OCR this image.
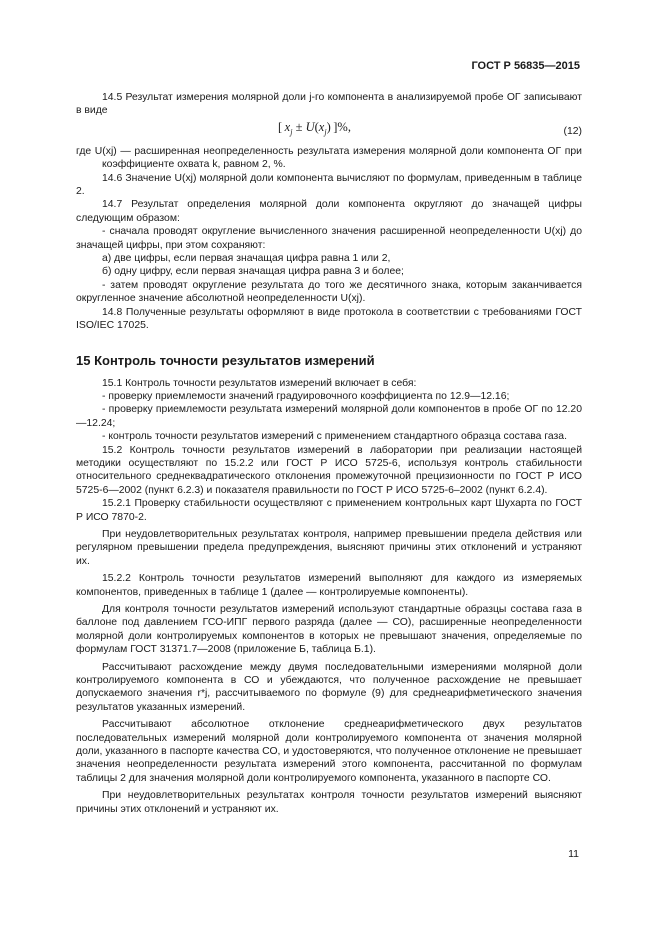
ГОСТ Р 56835—2015

14.5 Результат измерения молярной доли j-го компонента в анализируемой пробе ОГ записывают в виде

[ $x_j \pm U(x_j)$ ]%,	(12)

где U(xj) — расширенная неопределенность результата измерения молярной доли компонента ОГ при коэффициенте охвата k, равном 2, %.

14.6 Значение U(xj) молярной доли компонента вычисляют по формулам, приведенным в таблице 2.

14.7 Результат определения молярной доли компонента округляют до значащей цифры следующим образом:

- сначала проводят округление вычисленного значения расширенной неопределенности U(xj) до значащей цифры, при этом сохраняют:

а) две цифры, если первая значащая цифра равна 1 или 2,

б) одну цифру, если первая значащая цифра равна 3 и более;

- затем проводят округление результата до того же десятичного знака, которым заканчивается округленное значение абсолютной неопределенности U(xj).

14.8 Полученные результаты оформляют в виде протокола в соответствии с требованиями ГОСТ ISO/IEC 17025.

15 Контроль точности результатов измерений

15.1 Контроль точности результатов измерений включает в себя:

- проверку приемлемости значений градуировочного коэффициента по 12.9—12.16;

- проверку приемлемости результата измерений молярной доли компонентов в пробе ОГ по 12.20—12.24;

- контроль точности результатов измерений с применением стандартного образца состава газа.

15.2 Контроль точности результатов измерений в лаборатории при реализации настоящей методики осуществляют по 15.2.2 или ГОСТ Р ИСО 5725-6, используя контроль стабильности относительного среднеквадратического отклонения промежуточной прецизионности по ГОСТ Р ИСО 5725-6—2002 (пункт 6.2.3) и показателя правильности по ГОСТ Р ИСО 5725-6–2002 (пункт 6.2.4).

15.2.1 Проверку стабильности осуществляют с применением контрольных карт Шухарта по ГОСТ Р ИСО 7870-2.

При неудовлетворительных результатах контроля, например превышении предела действия или регулярном превышении предела предупреждения, выясняют причины этих отклонений и устраняют их.

15.2.2 Контроль точности результатов измерений выполняют для каждого из измеряемых компонентов, приведенных в таблице 1 (далее — контролируемые компоненты).

Для контроля точности результатов измерений используют стандартные образцы состава газа в баллоне под давлением ГСО-ИПГ первого разряда (далее — СО), расширенные неопределенности молярной доли контролируемых компонентов в которых не превышают значения, определяемые по формулам ГОСТ 31371.7—2008 (приложение Б, таблица Б.1).

Рассчитывают расхождение между двумя последовательными измерениями молярной доли контролируемого компонента в СО и убеждаются, что полученное расхождение не превышает допускаемого значения r*j, рассчитываемого по формуле (9) для среднеарифметического значения результатов указанных измерений.

Рассчитывают абсолютное отклонение среднеарифметического двух результатов последовательных измерений молярной доли контролируемого компонента от значения молярной доли, указанного в паспорте качества СО, и удостоверяются, что полученное отклонение не превышает значения неопределенности результата измерений этого компонента, рассчитанной по формулам таблицы 2 для значения молярной доли контролируемого компонента, указанного в паспорте СО.

При неудовлетворительных результатах контроля точности результатов измерений выясняют причины этих отклонений и устраняют их.

11
